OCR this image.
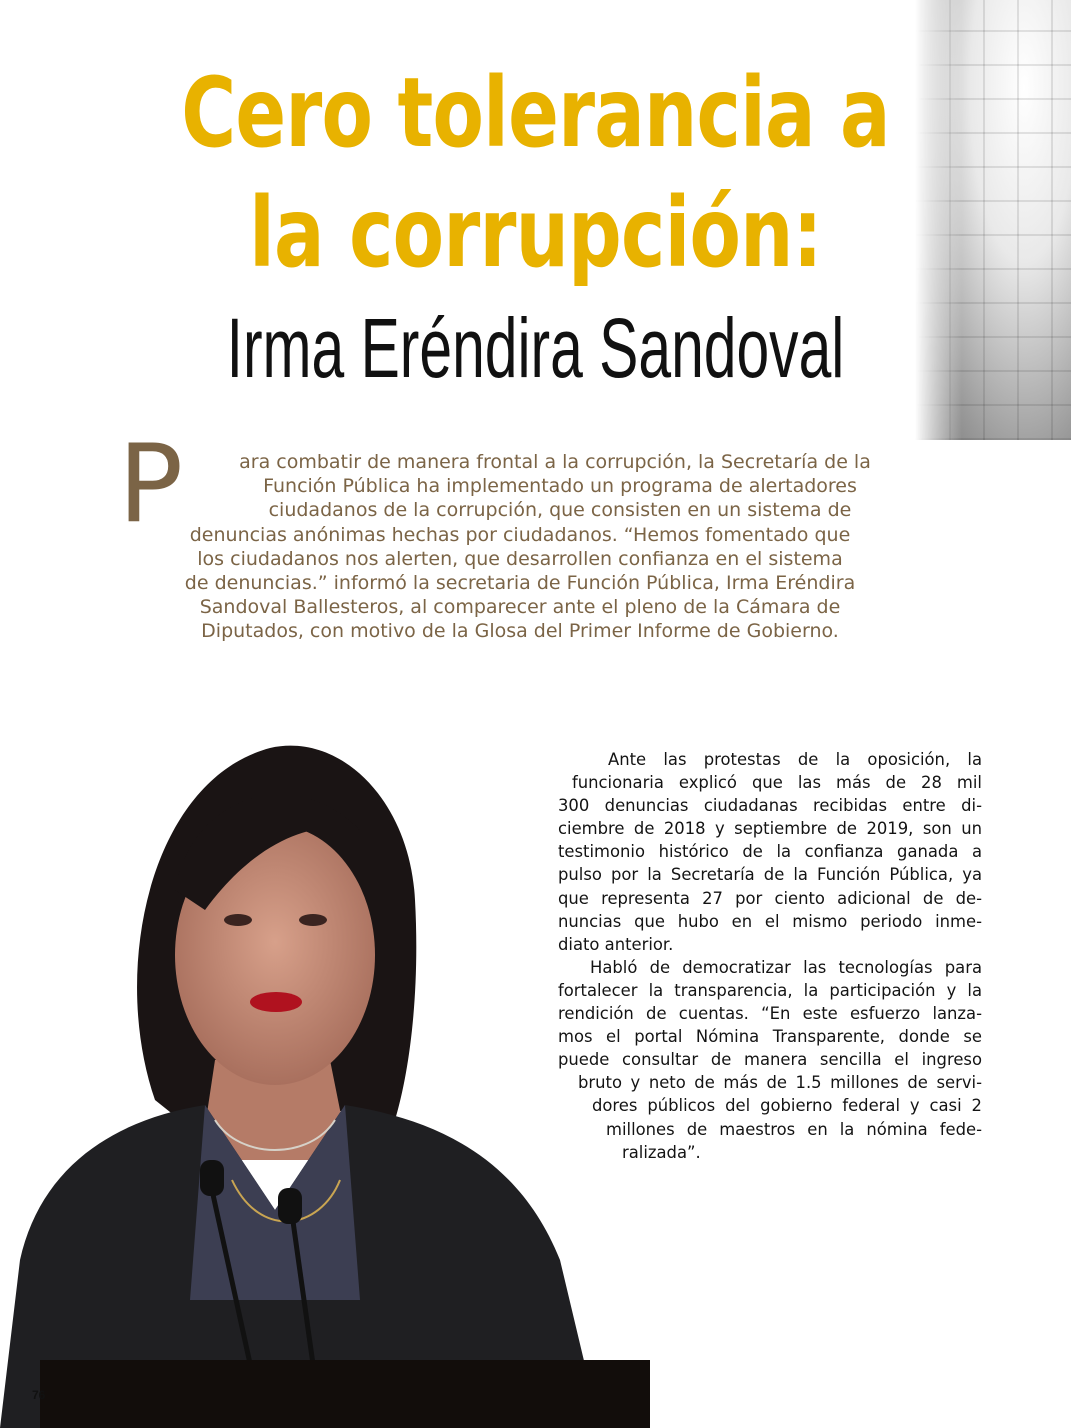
Cero tolerancia a
la corrupción:
Irma Eréndira Sandoval
P	ara combatir de manera frontal a la corrupción, la Secretaría de la
Función Pública ha implementado un programa de alertadores
ciudadanos de la corrupción, que consisten en un sistema de
denuncias anónimas hechas por ciudadanos. “Hemos fomentado que
los ciudadanos nos alerten, que desarrollen confianza en el sistema
de denuncias.” informó la secretaria de Función Pública, Irma Eréndira
Sandoval Ballesteros, al comparecer ante el pleno de la Cámara de
Diputados, con motivo de la Glosa del Primer Informe de Gobierno.
Ante las protestas de la oposición, la
funcionaria explicó que las más de 28 mil
300 denuncias ciudadanas recibidas entre di-
ciembre de 2018 y septiembre de 2019, son un
testimonio histórico de la confianza ganada a
pulso por la Secretaría de la Función Pública, ya
que representa 27 por ciento adicional de de-
nuncias que hubo en el mismo periodo inme-
diato anterior.
Habló de democratizar las tecnologías para
fortalecer la transparencia, la participación y la
rendición de cuentas. “En este esfuerzo lanza-
mos el portal Nómina Transparente, donde se
puede consultar de manera sencilla el ingreso
bruto y neto de más de 1.5 millones de servi-
dores públicos del gobierno federal y casi 2
millones de maestros en la nómina fede-
ralizada”.
76
